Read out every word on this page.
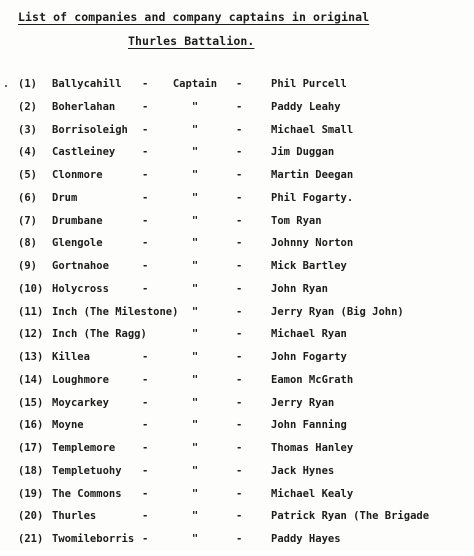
List of companies and company captains in original
Thurles Battalion.
(1) Ballycahill -	Captain	-	Phil Purcell
(2) Boherlahan	-	"	-	Paddy Leahy
(3) Borrisoleigh -	"	-	Michael Small
(4) Castleiney	-	"	-	Jim Duggan
(5) Clonmore	-	"	-	Martin Deegan
(6) Drum	-	"	-	Phil Fogarty.
(7) Drumbane	-	"	-	Tom Ryan
(8) Glengole	-	"	-	Johnny Norton
(9) Gortnahoe	-	"	-	Mick Bartley
(10) Holycross	-	"	-	John Ryan
(11) Inch (The Milestone)	"	-	Jerry Ryan (Big John)
(12) Inch (The Ragg)	"	-	Michael Ryan
(13) Killea	-	"	-	John Fogarty
(14) Loughmore	-	"	-	Eamon McGrath
(15) Moycarkey	-	"	-	Jerry Ryan
(16) Moyne	-	"	-	John Fanning
(17) Templemore	-	"	-	Thomas Hanley
(18) Templetuohy -	"	-	Jack Hynes
(19) The Commons -	"	-	Michael Kealy
(20) Thurles	-	"	-	Patrick Ryan (The Brigade
(21) Twomileborris -	"	-	Paddy Hayes
